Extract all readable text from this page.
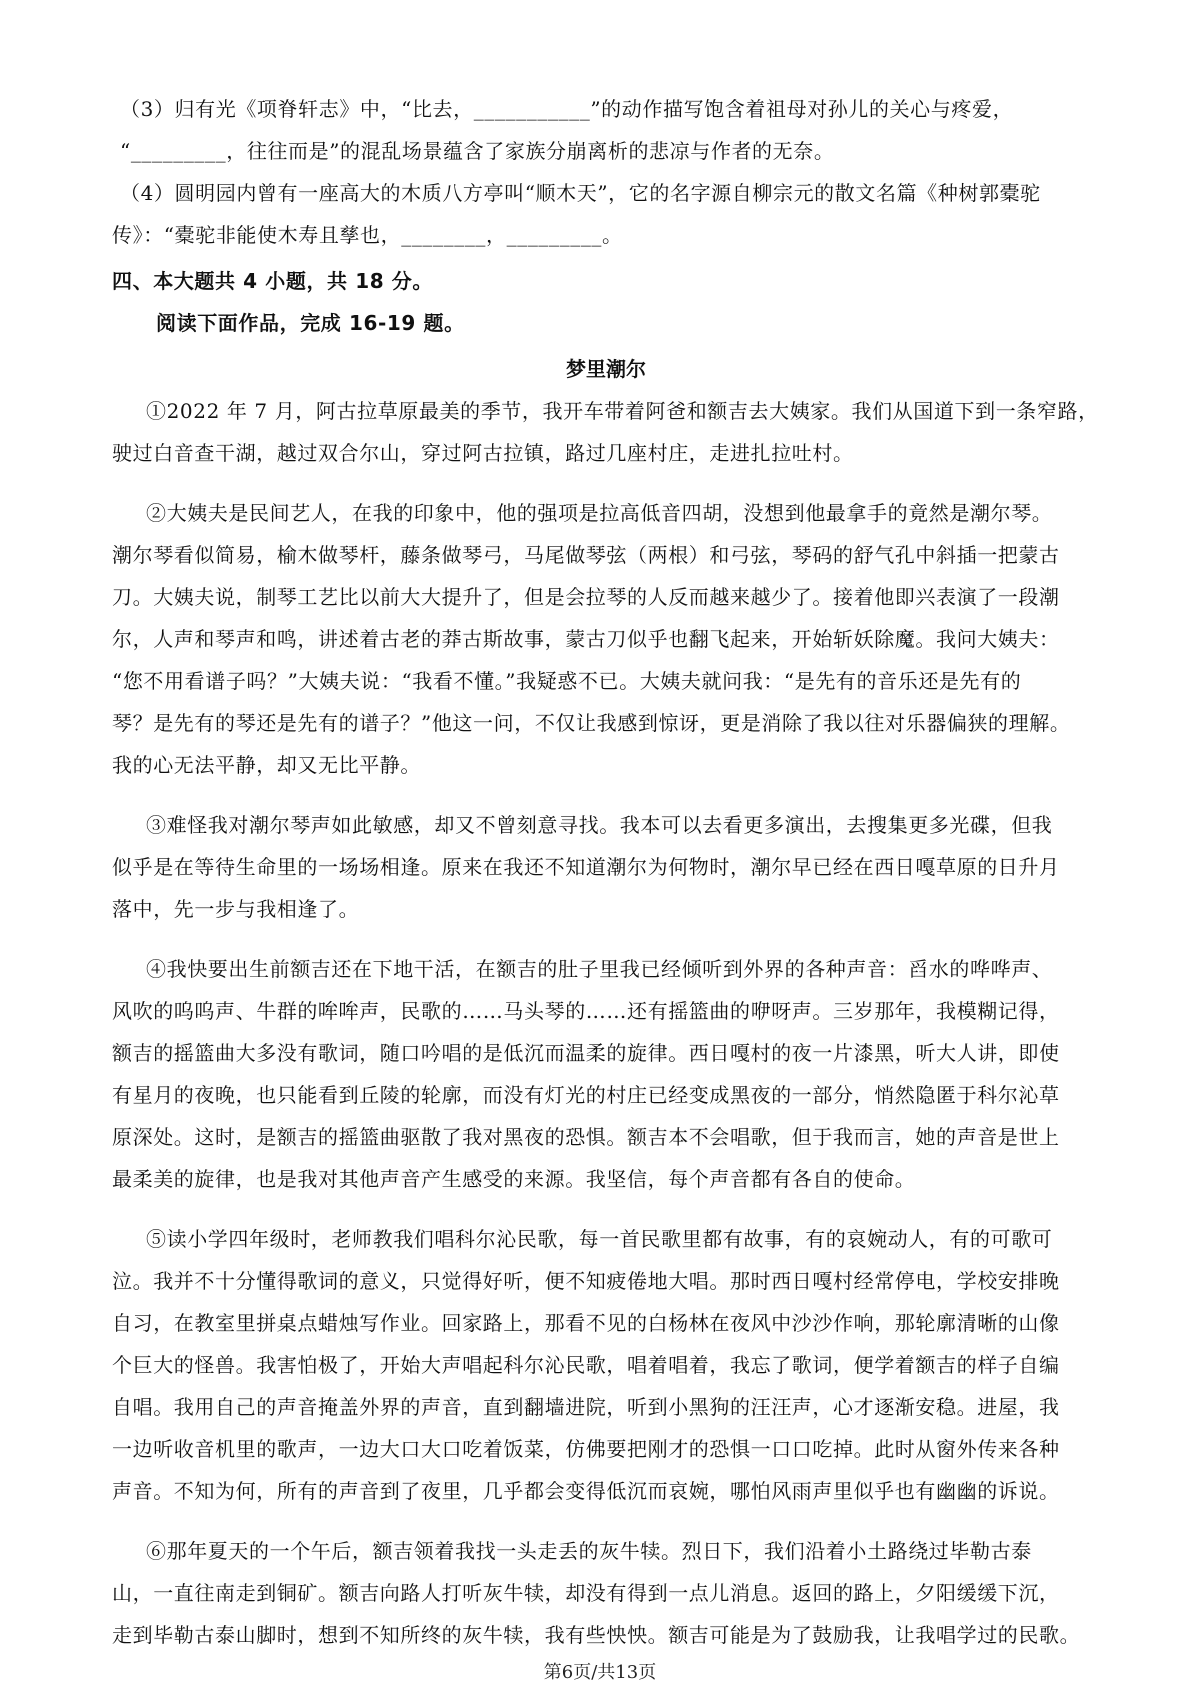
（3）归有光《项脊轩志》中，“比去，___________”的动作描写饱含着祖母对孙儿的关心与疼爱，
“_________，往往而是”的混乱场景蕴含了家族分崩离析的悲凉与作者的无奈。
（4）圆明园内曾有一座高大的木质八方亭叫“顺木天”，它的名字源自柳宗元的散文名篇《种树郭橐驼
传》：“橐驼非能使木寿且孳也，________，_________。
四、本大题共 4 小题，共 18 分。
阅读下面作品，完成 16-19 题。
梦里潮尔
①2022 年 7 月，阿古拉草原最美的季节，我开车带着阿爸和额吉去大姨家。我们从国道下到一条窄路，
驶过白音查干湖，越过双合尔山，穿过阿古拉镇，路过几座村庄，走进扎拉吐村。
②大姨夫是民间艺人，在我的印象中，他的强项是拉高低音四胡，没想到他最拿手的竟然是潮尔琴。
潮尔琴看似简易，榆木做琴杆，藤条做琴弓，马尾做琴弦（两根）和弓弦，琴码的舒气孔中斜插一把蒙古
刀。大姨夫说，制琴工艺比以前大大提升了，但是会拉琴的人反而越来越少了。接着他即兴表演了一段潮
尔，人声和琴声和鸣，讲述着古老的莽古斯故事，蒙古刀似乎也翻飞起来，开始斩妖除魔。我问大姨夫：
“您不用看谱子吗？”大姨夫说：“我看不懂。”我疑惑不已。大姨夫就问我：“是先有的音乐还是先有的
琴？是先有的琴还是先有的谱子？”他这一问，不仅让我感到惊讶，更是消除了我以往对乐器偏狭的理解。
我的心无法平静，却又无比平静。
③难怪我对潮尔琴声如此敏感，却又不曾刻意寻找。我本可以去看更多演出，去搜集更多光碟，但我
似乎是在等待生命里的一场场相逢。原来在我还不知道潮尔为何物时，潮尔早已经在西日嘎草原的日升月
落中，先一步与我相逢了。
④我快要出生前额吉还在下地干活，在额吉的肚子里我已经倾听到外界的各种声音：舀水的哗哗声、
风吹的呜呜声、牛群的哞哞声，民歌的……马头琴的……还有摇篮曲的咿呀声。三岁那年，我模糊记得，
额吉的摇篮曲大多没有歌词，随口吟唱的是低沉而温柔的旋律。西日嘎村的夜一片漆黑，听大人讲，即使
有星月的夜晚，也只能看到丘陵的轮廓，而没有灯光的村庄已经变成黑夜的一部分，悄然隐匿于科尔沁草
原深处。这时，是额吉的摇篮曲驱散了我对黑夜的恐惧。额吉本不会唱歌，但于我而言，她的声音是世上
最柔美的旋律，也是我对其他声音产生感受的来源。我坚信，每个声音都有各自的使命。
⑤读小学四年级时，老师教我们唱科尔沁民歌，每一首民歌里都有故事，有的哀婉动人，有的可歌可
泣。我并不十分懂得歌词的意义，只觉得好听，便不知疲倦地大唱。那时西日嘎村经常停电，学校安排晚
自习，在教室里拼桌点蜡烛写作业。回家路上，那看不见的白杨林在夜风中沙沙作响，那轮廓清晰的山像
个巨大的怪兽。我害怕极了，开始大声唱起科尔沁民歌，唱着唱着，我忘了歌词，便学着额吉的样子自编
自唱。我用自己的声音掩盖外界的声音，直到翻墙进院，听到小黑狗的汪汪声，心才逐渐安稳。进屋，我
一边听收音机里的歌声，一边大口大口吃着饭菜，仿佛要把刚才的恐惧一口口吃掉。此时从窗外传来各种
声音。不知为何，所有的声音到了夜里，几乎都会变得低沉而哀婉，哪怕风雨声里似乎也有幽幽的诉说。
⑥那年夏天的一个午后，额吉领着我找一头走丢的灰牛犊。烈日下，我们沿着小土路绕过毕勒古泰
山，一直往南走到铜矿。额吉向路人打听灰牛犊，却没有得到一点儿消息。返回的路上，夕阳缓缓下沉，
走到毕勒古泰山脚时，想到不知所终的灰牛犊，我有些怏怏。额吉可能是为了鼓励我，让我唱学过的民歌。
第6页/共13页
